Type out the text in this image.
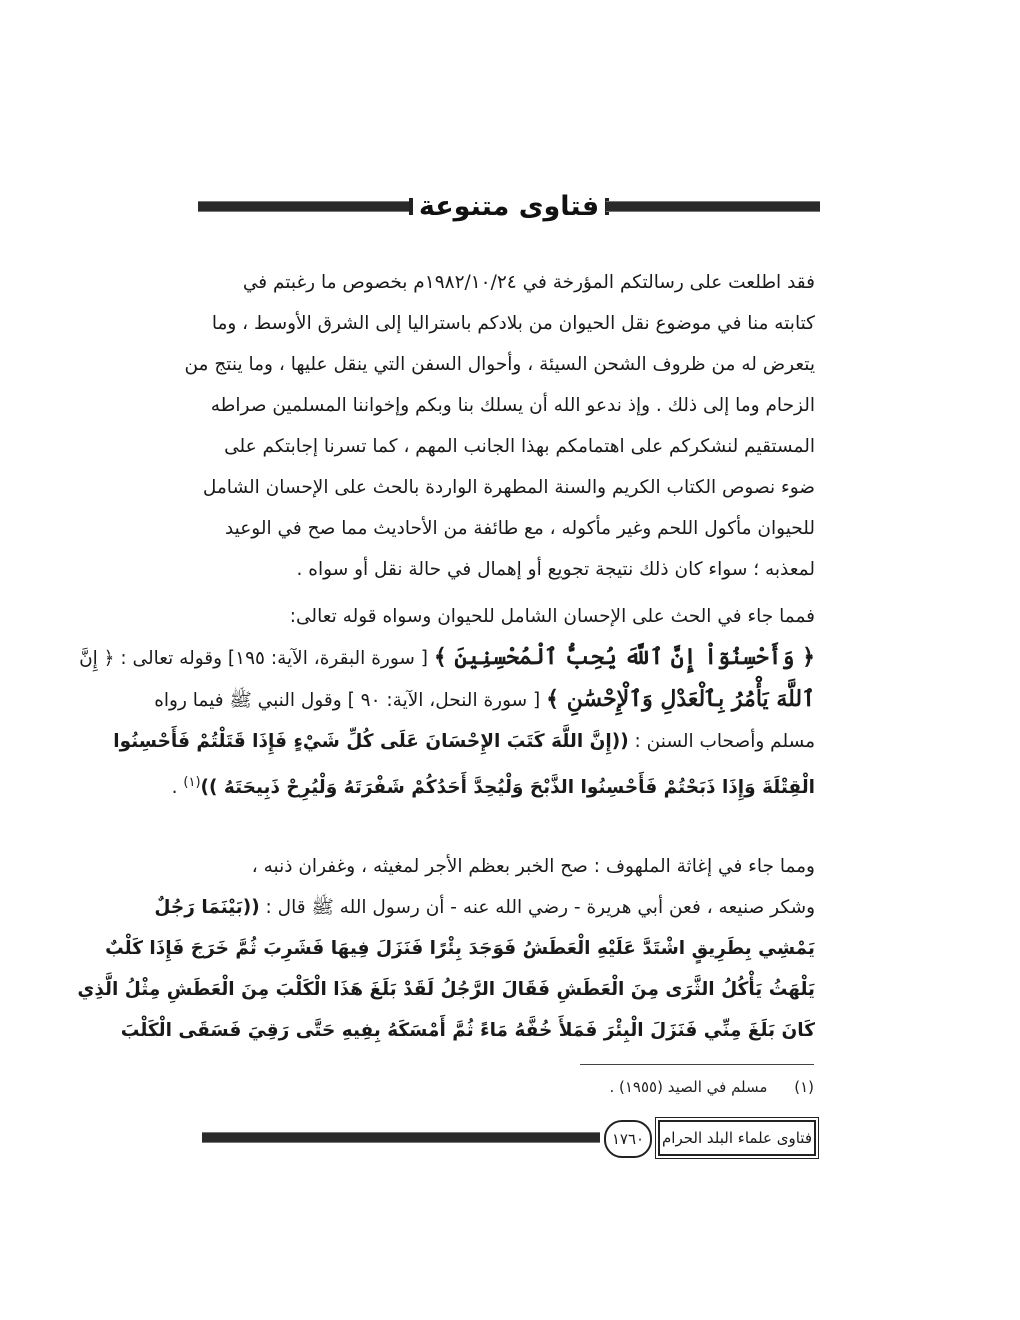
فتاوى متنوعة
فقد اطلعت على رسالتكم المؤرخة في ١٩٨٢/١٠/٢٤م بخصوص ما رغبتم في
كتابته منا في موضوع نقل الحيوان من بلادكم باستراليا إلى الشرق الأوسط ، وما
يتعرض له من ظروف الشحن السيئة ، وأحوال السفن التي ينقل عليها ، وما ينتج من
الزحام وما إلى ذلك . وإذ ندعو الله أن يسلك بنا وبكم وإخواننا المسلمين صراطه
المستقيم لنشكركم على اهتمامكم بهذا الجانب المهم ، كما تسرنا إجابتكم على
ضوء نصوص الكتاب الكريم والسنة المطهرة الواردة بالحث على الإحسان الشامل
للحيوان مأكول اللحم وغير مأكوله ، مع طائفة من الأحاديث مما صح في الوعيد
لمعذبه ؛ سواء كان ذلك نتيجة تجويع أو إهمال في حالة نقل أو سواه .
فمما جاء في الحث على الإحسان الشامل للحيوان وسواه قوله تعالى:
﴿ وَأَحْسِنُوٓاْ إِنَّ ٱللَّهَ يُحِبُّ ٱلْمُحْسِنِينَ ﴾ [ سورة البقرة، الآية: ١٩٥] وقوله تعالى : ﴿ إِنَّ
ٱللَّهَ يَأْمُرُ بِٱلْعَدْلِ وَٱلْإِحْسَٰنِ ﴾ [ سورة النحل، الآية: ٩٠ ] وقول النبي ﷺ فيما رواه
مسلم وأصحاب السنن : ((إِنَّ اللَّهَ كَتَبَ الإِحْسَانَ عَلَى كُلِّ شَيْءٍ فَإِذَا قَتَلْتُمْ فَأَحْسِنُوا
الْقِتْلَةَ وَإِذَا ذَبَحْتُمْ فَأَحْسِنُوا الذَّبْحَ وَلْيُحِدَّ أَحَدُكُمْ شَفْرَتَهُ وَلْيُرِحْ ذَبِيحَتَهُ ))$^{(١)}$ .
ومما جاء في إغاثة الملهوف : صح الخبر بعظم الأجر لمغيثه ، وغفران ذنبه ،
وشكر صنيعه ، فعن أبي هريرة - رضي الله عنه - أن رسول الله ﷺ قال : ((بَيْنَمَا رَجُلٌ
يَمْشِي بِطَرِيقٍ اشْتَدَّ عَلَيْهِ الْعَطَشُ فَوَجَدَ بِئْرًا فَنَزَلَ فِيهَا فَشَرِبَ ثُمَّ خَرَجَ فَإِذَا كَلْبٌ
يَلْهَثُ يَأْكُلُ الثَّرَى مِنَ الْعَطَشِ فَقَالَ الرَّجُلُ لَقَدْ بَلَغَ هَذَا الْكَلْبَ مِنَ الْعَطَشِ مِثْلُ الَّذِي
كَانَ بَلَغَ مِنِّي فَنَزَلَ الْبِئْرَ فَمَلأَ خُفَّهُ مَاءً ثُمَّ أَمْسَكَهُ بِفِيهِ حَتَّى رَقِيَ فَسَقَى الْكَلْبَ
(١) مسلم في الصيد (١٩٥٥) .
١٧٦٠	فتاوى علماء البلد الحرام
